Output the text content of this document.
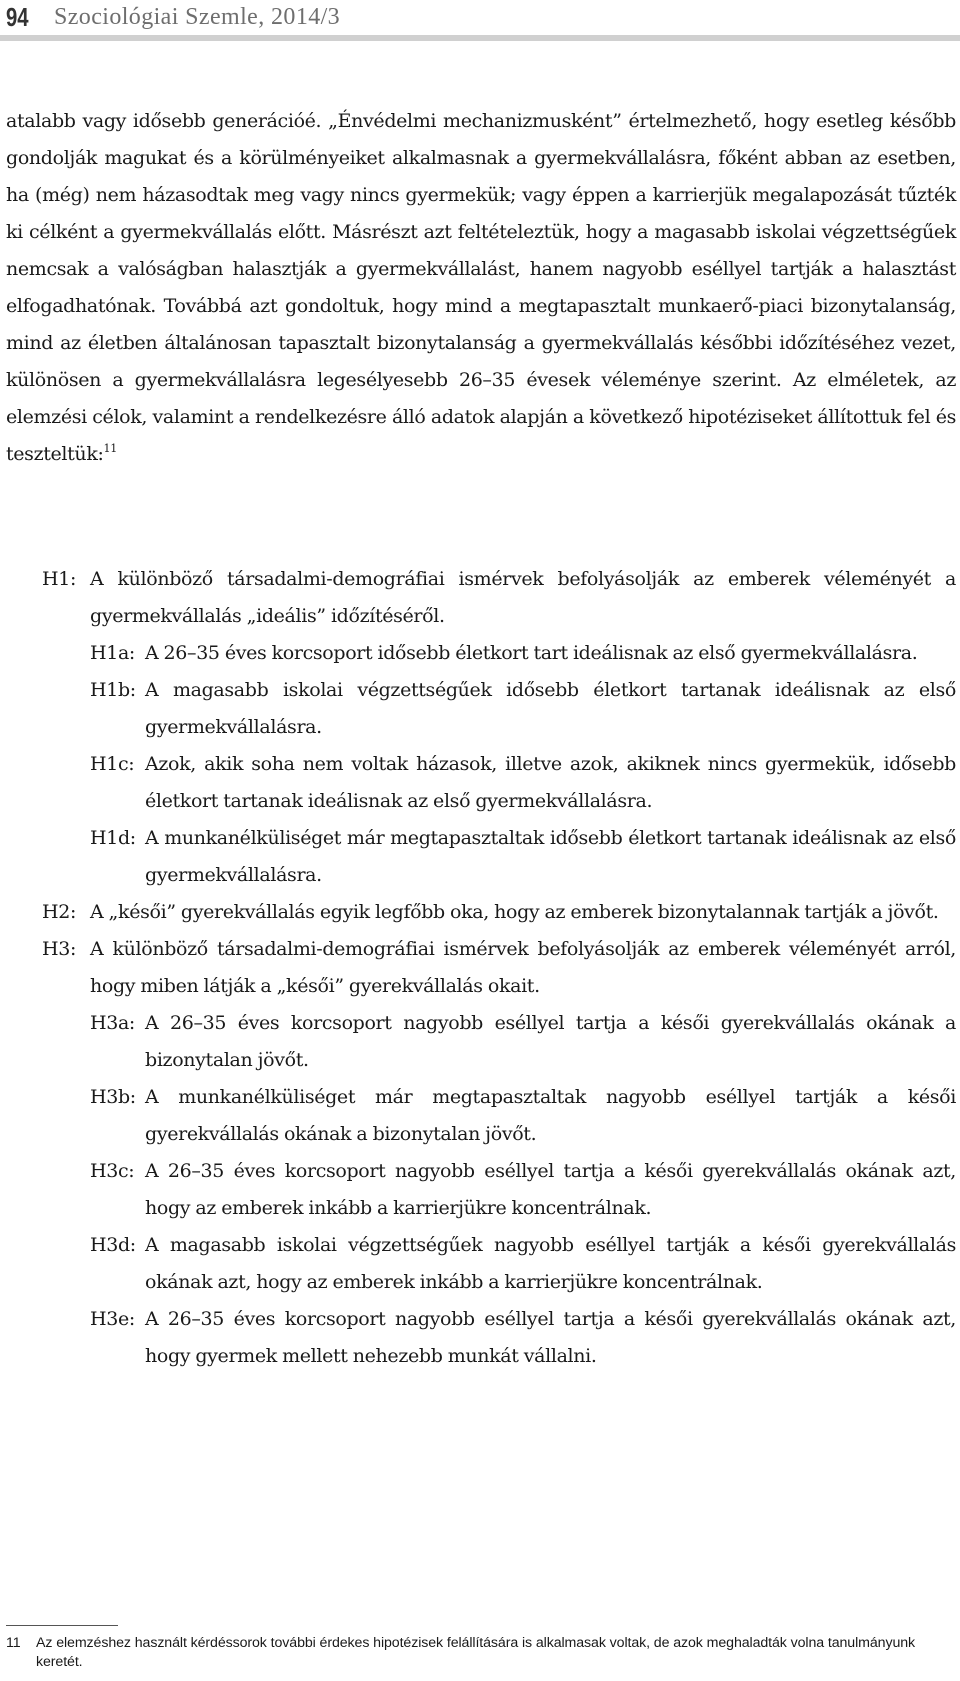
94 Szociológiai Szemle, 2014/3

atalabb vagy idősebb generációé. „Énvédelmi mechanizmusként” értelmezhető, hogy esetleg később gondolják magukat és a körülményeiket alkalmasnak a gyermekvállalásra, főként abban az esetben, ha (még) nem házasodtak meg vagy nincs gyermekük; vagy éppen a karrierjük megalapozását tűzték ki célként a gyermekvállalás előtt. Másrészt azt feltételeztük, hogy a magasabb iskolai végzettségűek nemcsak a valóságban halasztják a gyermekvállalást, hanem nagyobb eséllyel tartják a halasztást elfogadhatónak. Továbbá azt gondoltuk, hogy mind a megtapasztalt munkaerő-piaci bizonytalanság, mind az életben általánosan tapasztalt bizonytalanság a gyermekvállalás későbbi időzítéséhez vezet, különösen a gyermekvállalásra legesélyesebb 26–35 évesek véleménye szerint. Az elméletek, az elemzési célok, valamint a rendelkezésre álló adatok alapján a következő hipotéziseket állítottuk fel és teszteltük:$^{11}$

H1: A különböző társadalmi-demográfiai ismérvek befolyásolják az emberek véleményét a gyermekvállalás „ideális” időzítéséről.
H1a: A 26–35 éves korcsoport idősebb életkort tart ideálisnak az első gyermekvállalásra.
H1b: A magasabb iskolai végzettségűek idősebb életkort tartanak ideálisnak az első gyermekvállalásra.
H1c: Azok, akik soha nem voltak házasok, illetve azok, akiknek nincs gyermekük, idősebb életkort tartanak ideálisnak az első gyermekvállalásra.
H1d: A munkanélküliséget már megtapasztaltak idősebb életkort tartanak ideálisnak az első gyermekvállalásra.
H2: A „késői” gyerekvállalás egyik legfőbb oka, hogy az emberek bizonytalannak tartják a jövőt.
H3: A különböző társadalmi-demográfiai ismérvek befolyásolják az emberek véleményét arról, hogy miben látják a „késői” gyerekvállalás okait.
H3a: A 26–35 éves korcsoport nagyobb eséllyel tartja a késői gyerekvállalás okának a bizonytalan jövőt.
H3b: A munkanélküliséget már megtapasztaltak nagyobb eséllyel tartják a késői gyerekvállalás okának a bizonytalan jövőt.
H3c: A 26–35 éves korcsoport nagyobb eséllyel tartja a késői gyerekvállalás okának azt, hogy az emberek inkább a karrierjükre koncentrálnak.
H3d: A magasabb iskolai végzettségűek nagyobb eséllyel tartják a késői gyerekvállalás okának azt, hogy az emberek inkább a karrierjükre koncentrálnak.
H3e: A 26–35 éves korcsoport nagyobb eséllyel tartja a késői gyerekvállalás okának azt, hogy gyermek mellett nehezebb munkát vállalni.
11	Az elemzéshez használt kérdéssorok további érdekes hipotézisek felállítására is alkalmasak voltak, de azok meghaladták volna tanulmányunk keretét.
